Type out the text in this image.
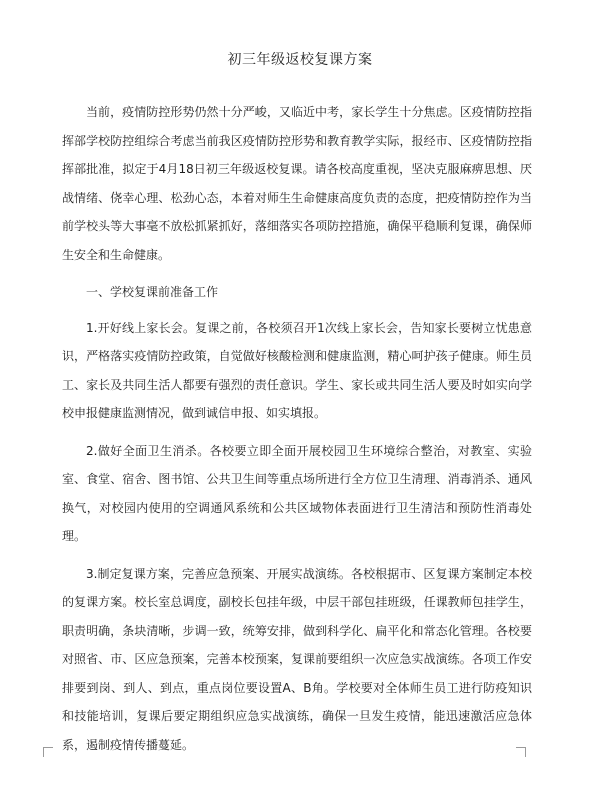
初三年级返校复课方案

当前，疫情防控形势仍然十分严峻，又临近中考，家长学生十分焦虑。区疫情防控指挥部学校防控组综合考虑当前我区疫情防控形势和教育教学实际，报经市、区疫情防控指挥部批准，拟定于4月18日初三年级返校复课。请各校高度重视，坚决克服麻痹思想、厌战情绪、侥幸心理、松劲心态，本着对师生生命健康高度负责的态度，把疫情防控作为当前学校头等大事毫不放松抓紧抓好，落细落实各项防控措施，确保平稳顺利复课，确保师生安全和生命健康。

一、学校复课前准备工作

1.开好线上家长会。复课之前，各校须召开1次线上家长会，告知家长要树立忧患意识，严格落实疫情防控政策，自觉做好核酸检测和健康监测，精心呵护孩子健康。师生员工、家长及共同生活人都要有强烈的责任意识。学生、家长或共同生活人要及时如实向学校申报健康监测情况，做到诚信申报、如实填报。

2.做好全面卫生消杀。各校要立即全面开展校园卫生环境综合整治，对教室、实验室、食堂、宿舍、图书馆、公共卫生间等重点场所进行全方位卫生清理、消毒消杀、通风换气，对校园内使用的空调通风系统和公共区域物体表面进行卫生清洁和预防性消毒处理。

3.制定复课方案，完善应急预案、开展实战演练。各校根据市、区复课方案制定本校的复课方案。校长室总调度，副校长包挂年级，中层干部包挂班级，任课教师包挂学生，职责明确，条块清晰，步调一致，统筹安排，做到科学化、扁平化和常态化管理。各校要对照省、市、区应急预案，完善本校预案，复课前要组织一次应急实战演练。各项工作安排要到岗、到人、到点，重点岗位要设置A、B角。学校要对全体师生员工进行防疫知识和技能培训，复课后要定期组织应急实战演练，确保一旦发生疫情，能迅速激活应急体系，遏制疫情传播蔓延。
